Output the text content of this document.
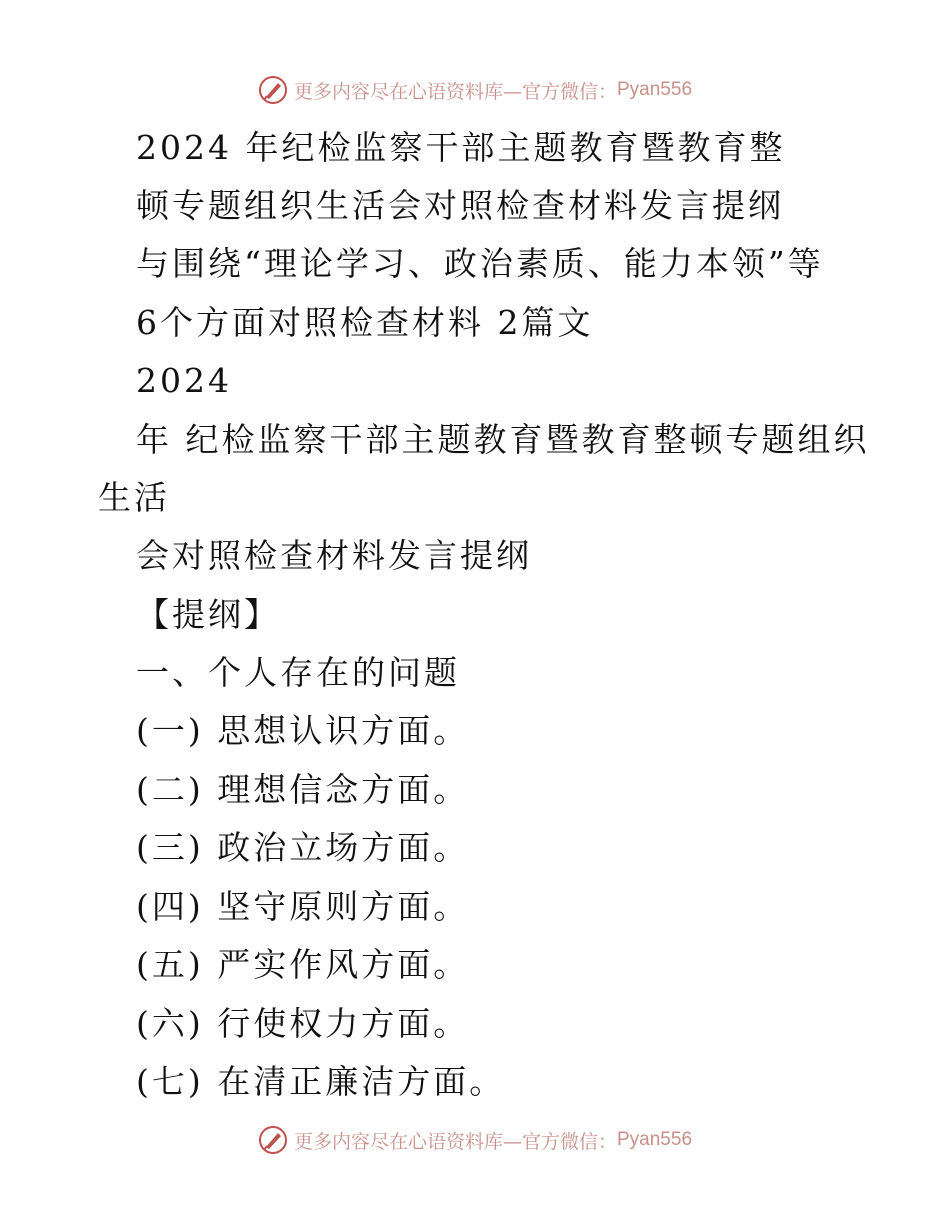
更多内容尽在心语资料库—官方微信： Pyan556
2024 年纪检监察干部主题教育暨教育整
顿专题组织生活会对照检查材料发言提纲
与围绕“理论学习、政治素质、能力本领”等
6个方面对照检查材料 2篇文
2024
年 纪检监察干部主题教育暨教育整顿专题组织
生活
会对照检查材料发言提纲
【提纲】
一、个人存在的问题
(一) 思想认识方面。
(二) 理想信念方面。
(三) 政治立场方面。
(四) 坚守原则方面。
(五) 严实作风方面。
(六) 行使权力方面。
(七) 在清正廉洁方面。
更多内容尽在心语资料库—官方微信： Pyan556
